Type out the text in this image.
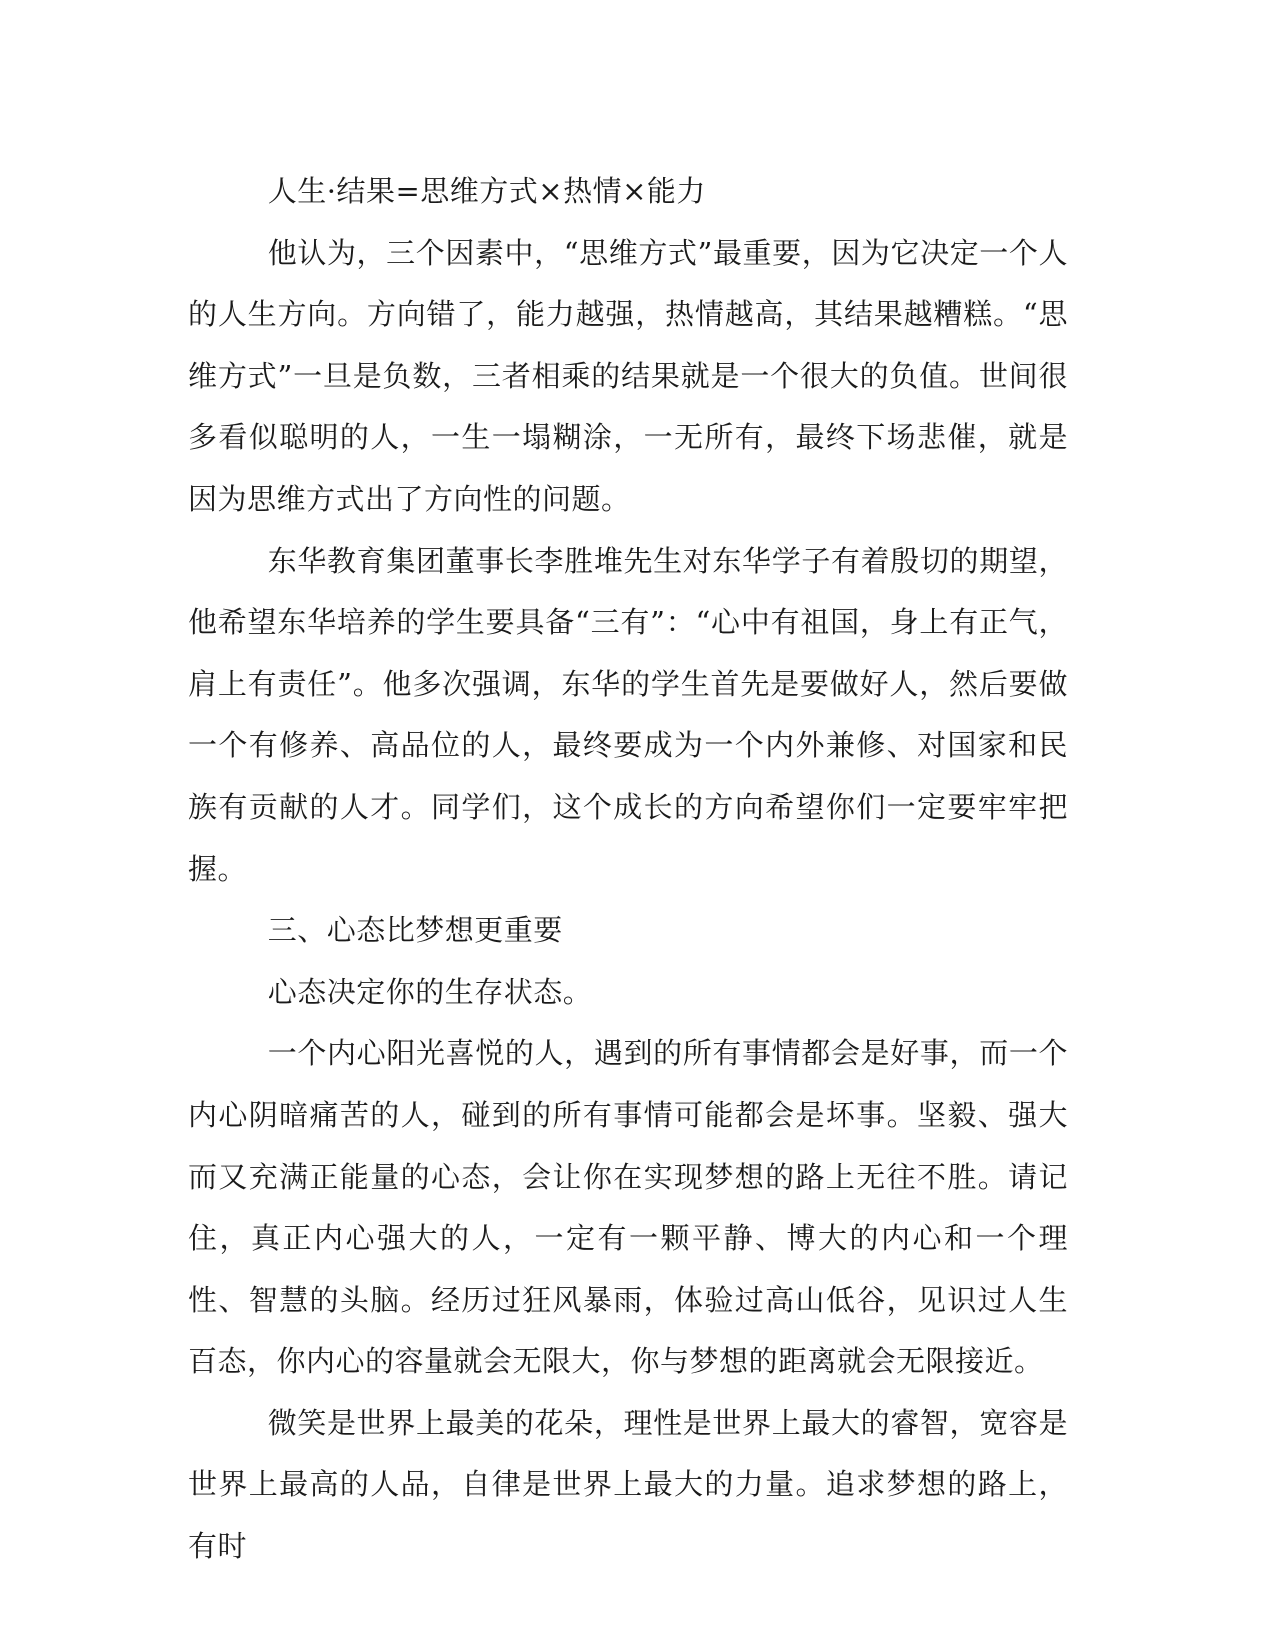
人生·结果=思维方式×热情×能力

他认为，三个因素中，“思维方式”最重要，因为它决定一个人的人生方向。方向错了，能力越强，热情越高，其结果越糟糕。“思维方式”一旦是负数，三者相乘的结果就是一个很大的负值。世间很多看似聪明的人，一生一塌糊涂，一无所有，最终下场悲催，就是因为思维方式出了方向性的问题。

东华教育集团董事长李胜堆先生对东华学子有着殷切的期望，他希望东华培养的学生要具备“三有”：“心中有祖国，身上有正气，肩上有责任”。他多次强调，东华的学生首先是要做好人，然后要做一个有修养、高品位的人，最终要成为一个内外兼修、对国家和民族有贡献的人才。同学们，这个成长的方向希望你们一定要牢牢把握。

三、心态比梦想更重要

心态决定你的生存状态。

一个内心阳光喜悦的人，遇到的所有事情都会是好事，而一个内心阴暗痛苦的人，碰到的所有事情可能都会是坏事。坚毅、强大而又充满正能量的心态，会让你在实现梦想的路上无往不胜。请记住，真正内心强大的人，一定有一颗平静、博大的内心和一个理性、智慧的头脑。经历过狂风暴雨，体验过高山低谷，见识过人生百态，你内心的容量就会无限大，你与梦想的距离就会无限接近。

微笑是世界上最美的花朵，理性是世界上最大的睿智，宽容是世界上最高的人品，自律是世界上最大的力量。追求梦想的路上，有时
